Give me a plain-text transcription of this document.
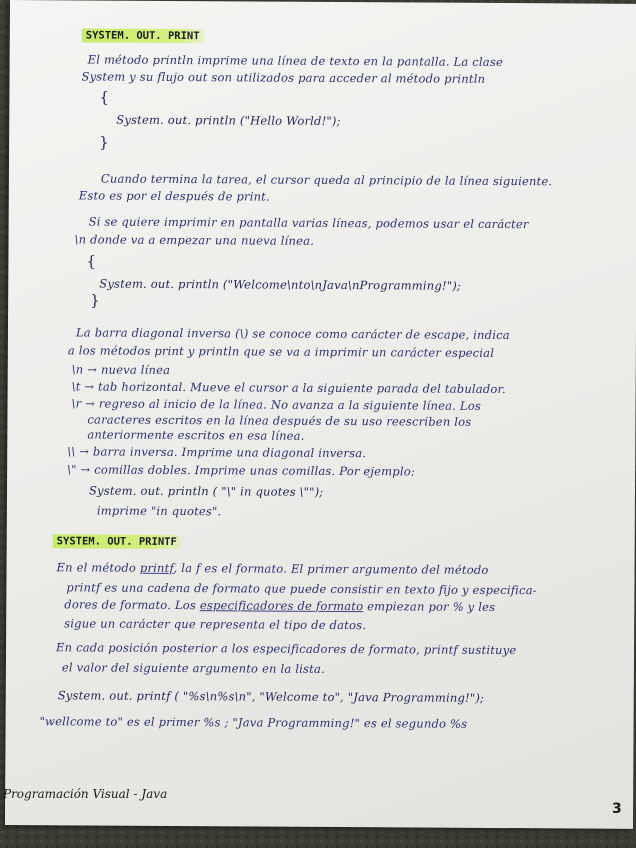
SYSTEM. OUT. PRINT
El método println imprime una línea de texto en la pantalla. La clase
System y su flujo out son utilizados para acceder al método println
{
System. out. println ("Hello World!");
}
Cuando termina la tarea, el cursor queda al principio de la línea siguiente.
Esto es por el después de print.
Si se quiere imprimir en pantalla varias líneas, podemos usar el carácter
\n donde va a empezar una nueva línea.
{
System. out. println ("Welcome\nto\nJava\nProgramming!");
}
La barra diagonal inversa (\) se conoce como carácter de escape, indica
a los métodos print y println que se va a imprimir un carácter especial
\n → nueva línea
\t → tab horizontal. Mueve el cursor a la siguiente parada del tabulador.
\r → regreso al inicio de la línea. No avanza a la siguiente línea. Los
caracteres escritos en la línea después de su uso reescriben los
anteriormente escritos en esa línea.
\\ → barra inversa. Imprime una diagonal inversa.
\" → comillas dobles. Imprime unas comillas. Por ejemplo:
System. out. println ( "\" in quotes \"");
imprime "in quotes".
SYSTEM. OUT. PRINTF
En el método printf, la f es el formato. El primer argumento del método
printf es una cadena de formato que puede consistir en texto fijo y especifica-
dores de formato. Los especificadores de formato empiezan por % y les
sigue un carácter que representa el tipo de datos.
En cada posición posterior a los especificadores de formato, printf sustituye
el valor del siguiente argumento en la lista.
System. out. printf ( "%s\n%s\n", "Welcome to", "Java Programming!");
"wellcome to" es el primer %s ; "Java Programming!" es el segundo %s
Programación Visual - Java
3
